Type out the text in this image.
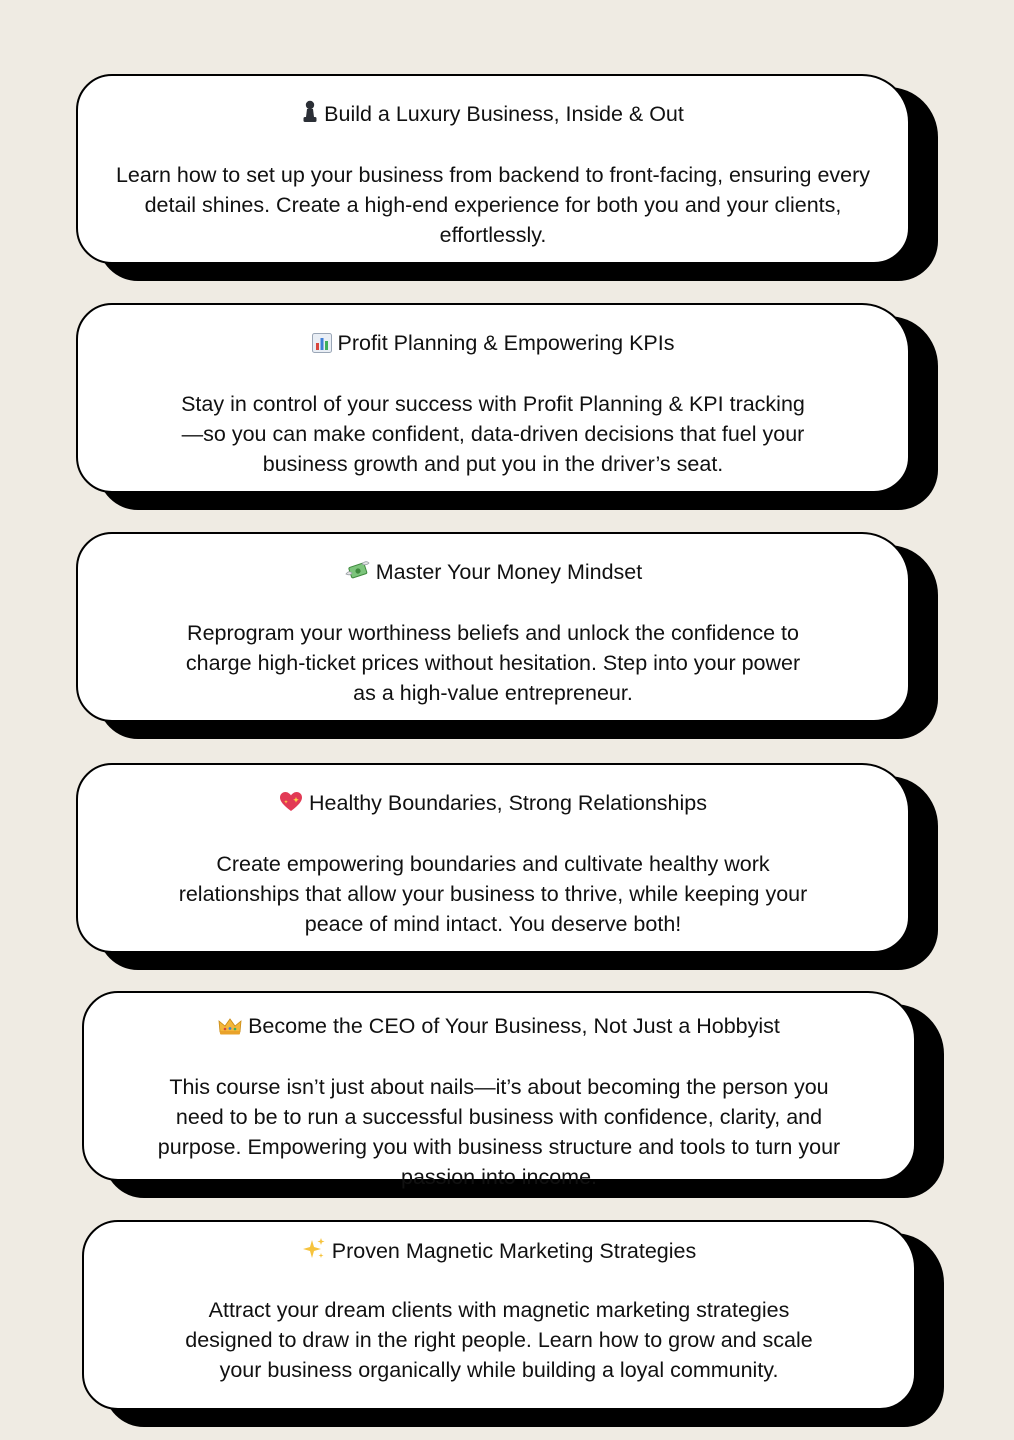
Build a Luxury Business, Inside & Out
Learn how to set up your business from backend to front-facing, ensuring every
detail shines. Create a high-end experience for both you and your clients,
effortlessly.
Profit Planning & Empowering KPIs
Stay in control of your success with Profit Planning & KPI tracking
—so you can make confident, data-driven decisions that fuel your
business growth and put you in the driver’s seat.
Master Your Money Mindset
Reprogram your worthiness beliefs and unlock the confidence to
charge high-ticket prices without hesitation. Step into your power
as a high-value entrepreneur.
Healthy Boundaries, Strong Relationships
Create empowering boundaries and cultivate healthy work
relationships that allow your business to thrive, while keeping your
peace of mind intact. You deserve both!
Become the CEO of Your Business, Not Just a Hobbyist
This course isn’t just about nails—it’s about becoming the person you
need to be to run a successful business with confidence, clarity, and
purpose. Empowering you with business structure and tools to turn your
passion into income.
Proven Magnetic Marketing Strategies
Attract your dream clients with magnetic marketing strategies
designed to draw in the right people. Learn how to grow and scale
your business organically while building a loyal community.
